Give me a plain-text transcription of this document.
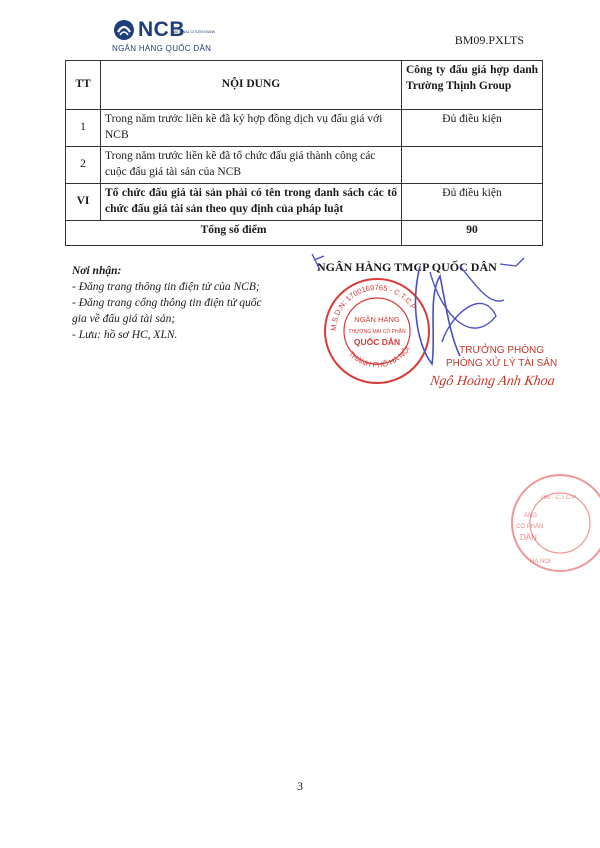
NCB
NATIONAL CITIZEN BANK
NGÂN HÀNG QUỐC DÂN
BM09.PXLTS
TT	NỘI DUNG	Công ty đấu giá hợp danh Trường Thịnh Group
1	Trong năm trước liền kề đã ký hợp đồng dịch vụ đấu giá với NCB	Đủ điều kiện
2	Trong năm trước liền kề đã tổ chức đấu giá thành công các cuộc đấu giá tài sản của NCB	
VI	Tổ chức đấu giá tài sản phải có tên trong danh sách các tổ chức đấu giá tài sản theo quy định của pháp luật	Đủ điều kiện
Tổng số điểm		90
Nơi nhận:
- Đăng trang thông tin điện tử của NCB;
- Đăng trang cổng thông tin điện tử quốc gia về đấu giá tài sản;
- Lưu: hồ sơ HC, XLN.
NGÂN HÀNG TMCP QUỐC DÂN
M.S.D.N: 1700169765 - C.T.C.P
THÀNH PHỐ HÀ NỘI
NGÂN HÀNG
THƯƠNG MẠI CỔ PHẦN
QUỐC DÂN
TRƯỞNG PHÒNG
PHÒNG XỬ LÝ TÀI SẢN
Ngô Hoàng Anh Khoa
765 - C.T.C.P
ÀNG
CỔ PHẦN
DÂN
HÀ NỘI
3
